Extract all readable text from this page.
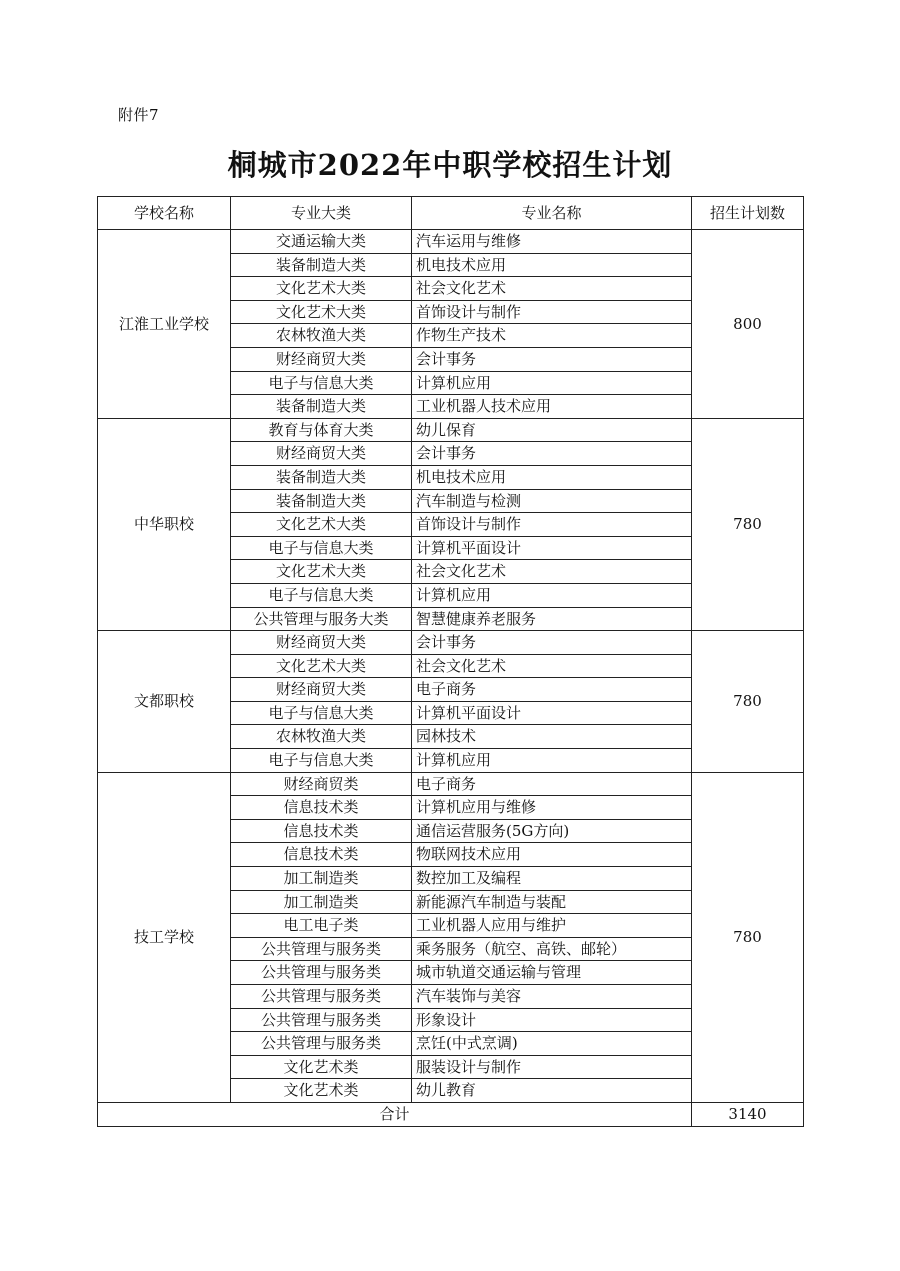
附件7
桐城市2022年中职学校招生计划
学校名称	专业大类	专业名称	招生计划数
江淮工业学校	交通运输大类	汽车运用与维修	800
	装备制造大类	机电技术应用	
	文化艺术大类	社会文化艺术	
	文化艺术大类	首饰设计与制作	
	农林牧渔大类	作物生产技术	
	财经商贸大类	会计事务	
	电子与信息大类	计算机应用	
	装备制造大类	工业机器人技术应用	
中华职校	教育与体育大类	幼儿保育	780
	财经商贸大类	会计事务	
	装备制造大类	机电技术应用	
	装备制造大类	汽车制造与检测	
	文化艺术大类	首饰设计与制作	
	电子与信息大类	计算机平面设计	
	文化艺术大类	社会文化艺术	
	电子与信息大类	计算机应用	
	公共管理与服务大类	智慧健康养老服务	
文都职校	财经商贸大类	会计事务	780
	文化艺术大类	社会文化艺术	
	财经商贸大类	电子商务	
	电子与信息大类	计算机平面设计	
	农林牧渔大类	园林技术	
	电子与信息大类	计算机应用	
技工学校	财经商贸类	电子商务	780
	信息技术类	计算机应用与维修	
	信息技术类	通信运营服务(5G方向)	
	信息技术类	物联网技术应用	
	加工制造类	数控加工及编程	
	加工制造类	新能源汽车制造与装配	
	电工电子类	工业机器人应用与维护	
	公共管理与服务类	乘务服务（航空、高铁、邮轮）	
	公共管理与服务类	城市轨道交通运输与管理	
	公共管理与服务类	汽车装饰与美容	
	公共管理与服务类	形象设计	
	公共管理与服务类	烹饪(中式烹调)	
	文化艺术类	服装设计与制作	
	文化艺术类	幼儿教育	
合计			3140
